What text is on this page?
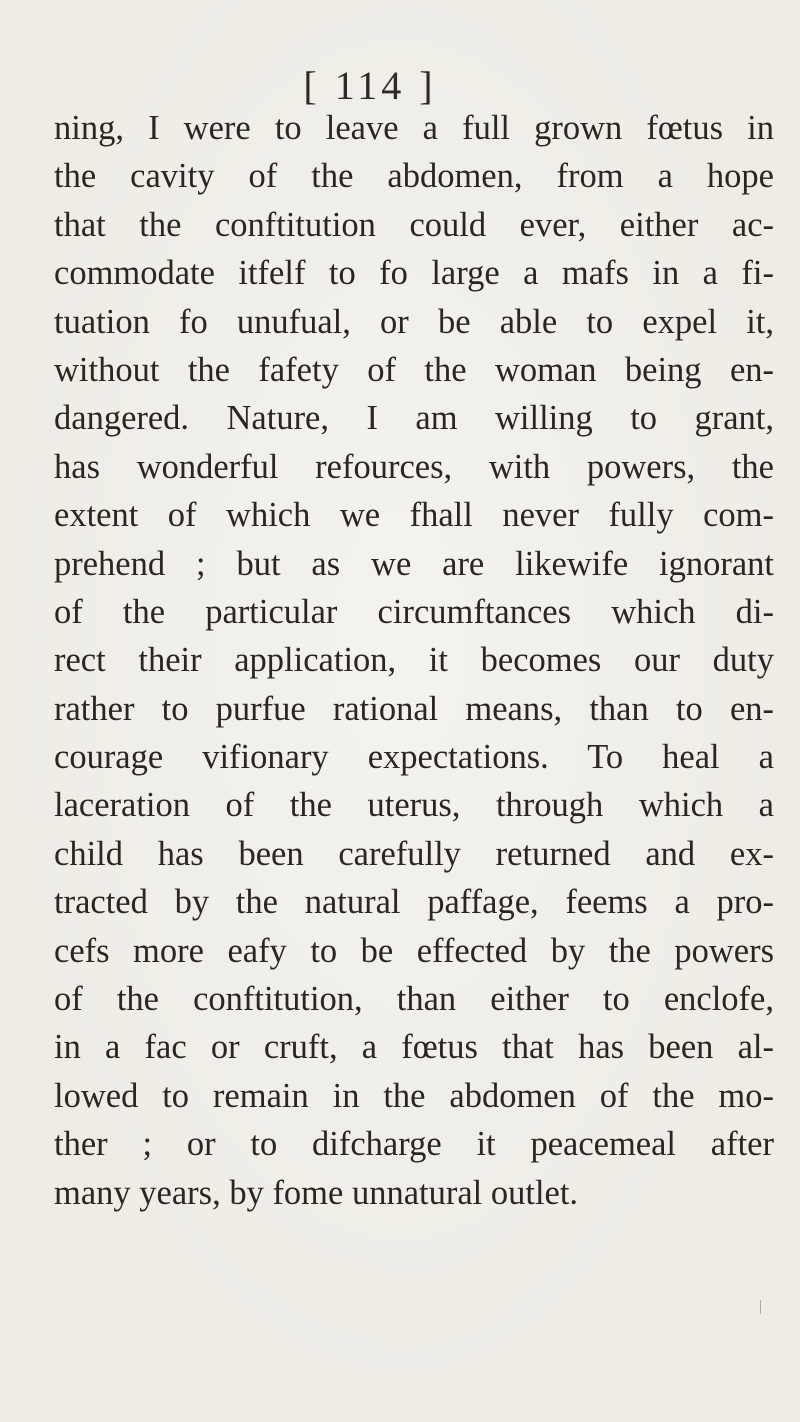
[ 114 ]
ning, I were to leave a full grown fœtus in
the cavity of the abdomen, from a hope
that the conftitution could ever, either ac-
commodate itfelf to fo large a mafs in a fi-
tuation fo unufual, or be able to expel it,
without the fafety of the woman being en-
dangered. Nature, I am willing to grant,
has wonderful refources, with powers, the
extent of which we fhall never fully com-
prehend ; but as we are likewife ignorant
of the particular circumftances which di-
rect their application, it becomes our duty
rather to purfue rational means, than to en-
courage vifionary expectations. To heal a
laceration of the uterus, through which a
child has been carefully returned and ex-
tracted by the natural paffage, feems a pro-
cefs more eafy to be effected by the powers
of the conftitution, than either to enclofe,
in a fac or cruft, a fœtus that has been al-
lowed to remain in the abdomen of the mo-
ther ; or to difcharge it peacemeal after
many years, by fome unnatural outlet.
